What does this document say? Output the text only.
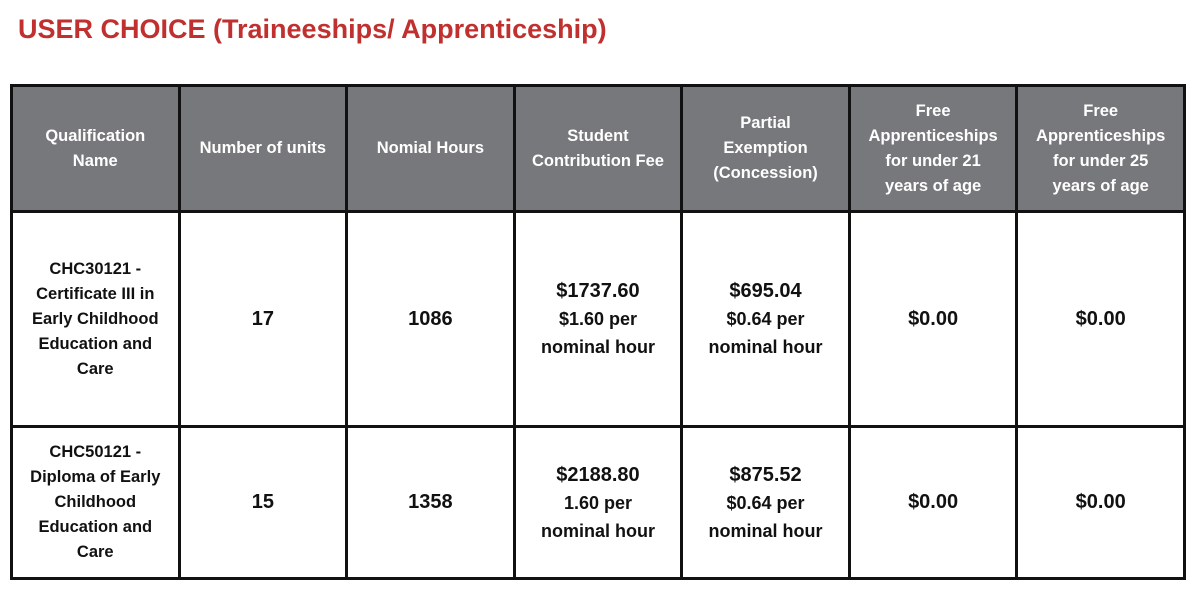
USER CHOICE (Traineeships/ Apprenticeship)
Qualification
Name	Number of units	Nomial Hours	Student
Contribution Fee	Partial
Exemption
(Concession)	Free
Apprenticeships
for under 21
years of age	Free
Apprenticeships
for under 25
years of age

CHC30121 -
Certificate III in
Early Childhood
Education and
Care	17	1086	$1737.60
$1.60 per
nominal hour	$695.04
$0.64 per
nominal hour	$0.00	$0.00

CHC50121 -
Diploma of Early
Childhood
Education and
Care	15	1358	$2188.80
1.60 per
nominal hour	$875.52
$0.64 per
nominal hour	$0.00	$0.00
